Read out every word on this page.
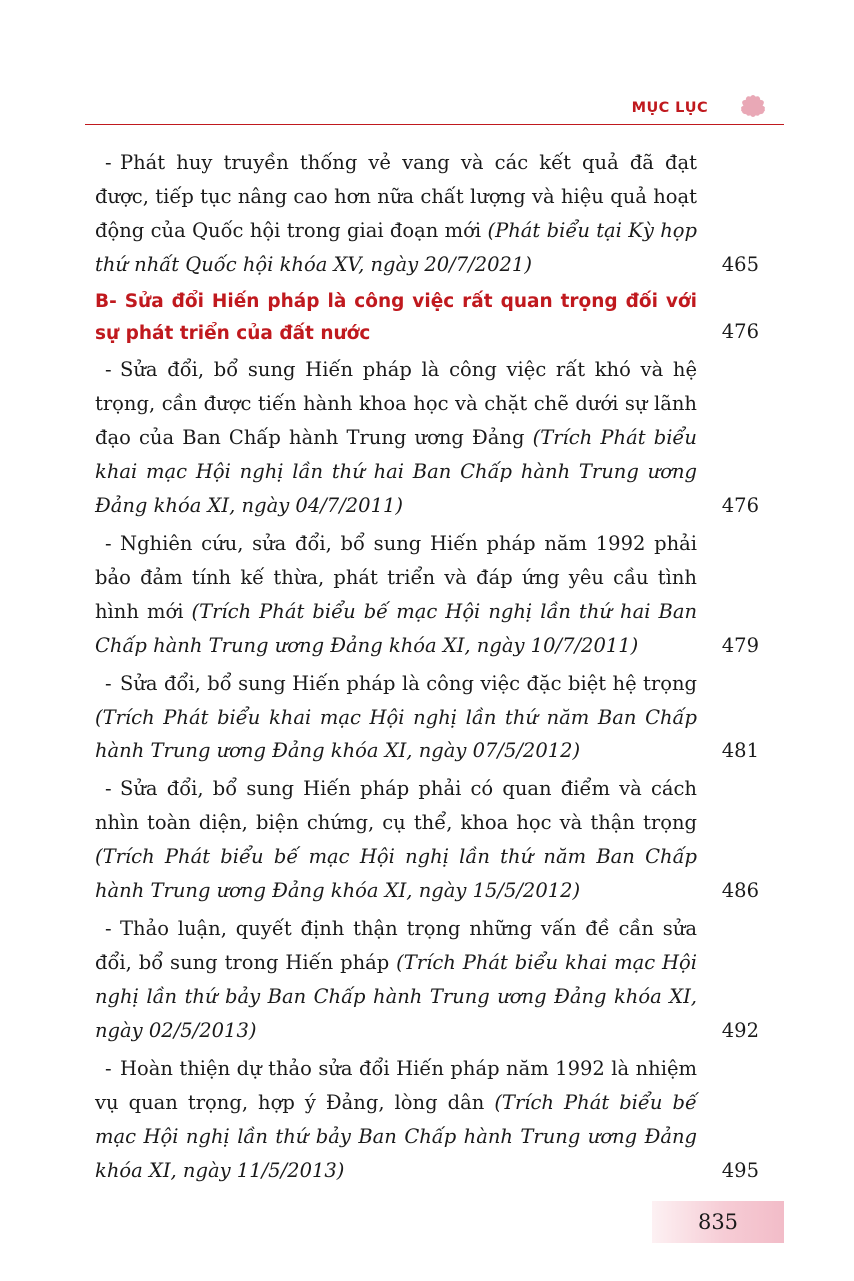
MỤC LỤC
- Phát huy truyền thống vẻ vang và các kết quả đã đạt được, tiếp tục nâng cao hơn nữa chất lượng và hiệu quả hoạt động của Quốc hội trong giai đoạn mới (Phát biểu tại Kỳ họp thứ nhất Quốc hội khóa XV, ngày 20/7/2021)	465
B- Sửa đổi Hiến pháp là công việc rất quan trọng đối với sự phát triển của đất nước	476
- Sửa đổi, bổ sung Hiến pháp là công việc rất khó và hệ trọng, cần được tiến hành khoa học và chặt chẽ dưới sự lãnh đạo của Ban Chấp hành Trung ương Đảng (Trích Phát biểu khai mạc Hội nghị lần thứ hai Ban Chấp hành Trung ương Đảng khóa XI, ngày 04/7/2011)	476
- Nghiên cứu, sửa đổi, bổ sung Hiến pháp năm 1992 phải bảo đảm tính kế thừa, phát triển và đáp ứng yêu cầu tình hình mới (Trích Phát biểu bế mạc Hội nghị lần thứ hai Ban Chấp hành Trung ương Đảng khóa XI, ngày 10/7/2011)	479
- Sửa đổi, bổ sung Hiến pháp là công việc đặc biệt hệ trọng (Trích Phát biểu khai mạc Hội nghị lần thứ năm Ban Chấp hành Trung ương Đảng khóa XI, ngày 07/5/2012)	481
- Sửa đổi, bổ sung Hiến pháp phải có quan điểm và cách nhìn toàn diện, biện chứng, cụ thể, khoa học và thận trọng (Trích Phát biểu bế mạc Hội nghị lần thứ năm Ban Chấp hành Trung ương Đảng khóa XI, ngày 15/5/2012)	486
- Thảo luận, quyết định thận trọng những vấn đề cần sửa đổi, bổ sung trong Hiến pháp (Trích Phát biểu khai mạc Hội nghị lần thứ bảy Ban Chấp hành Trung ương Đảng khóa XI, ngày 02/5/2013)	492
- Hoàn thiện dự thảo sửa đổi Hiến pháp năm 1992 là nhiệm vụ quan trọng, hợp ý Đảng, lòng dân (Trích Phát biểu bế mạc Hội nghị lần thứ bảy Ban Chấp hành Trung ương Đảng khóa XI, ngày 11/5/2013)	495
835
